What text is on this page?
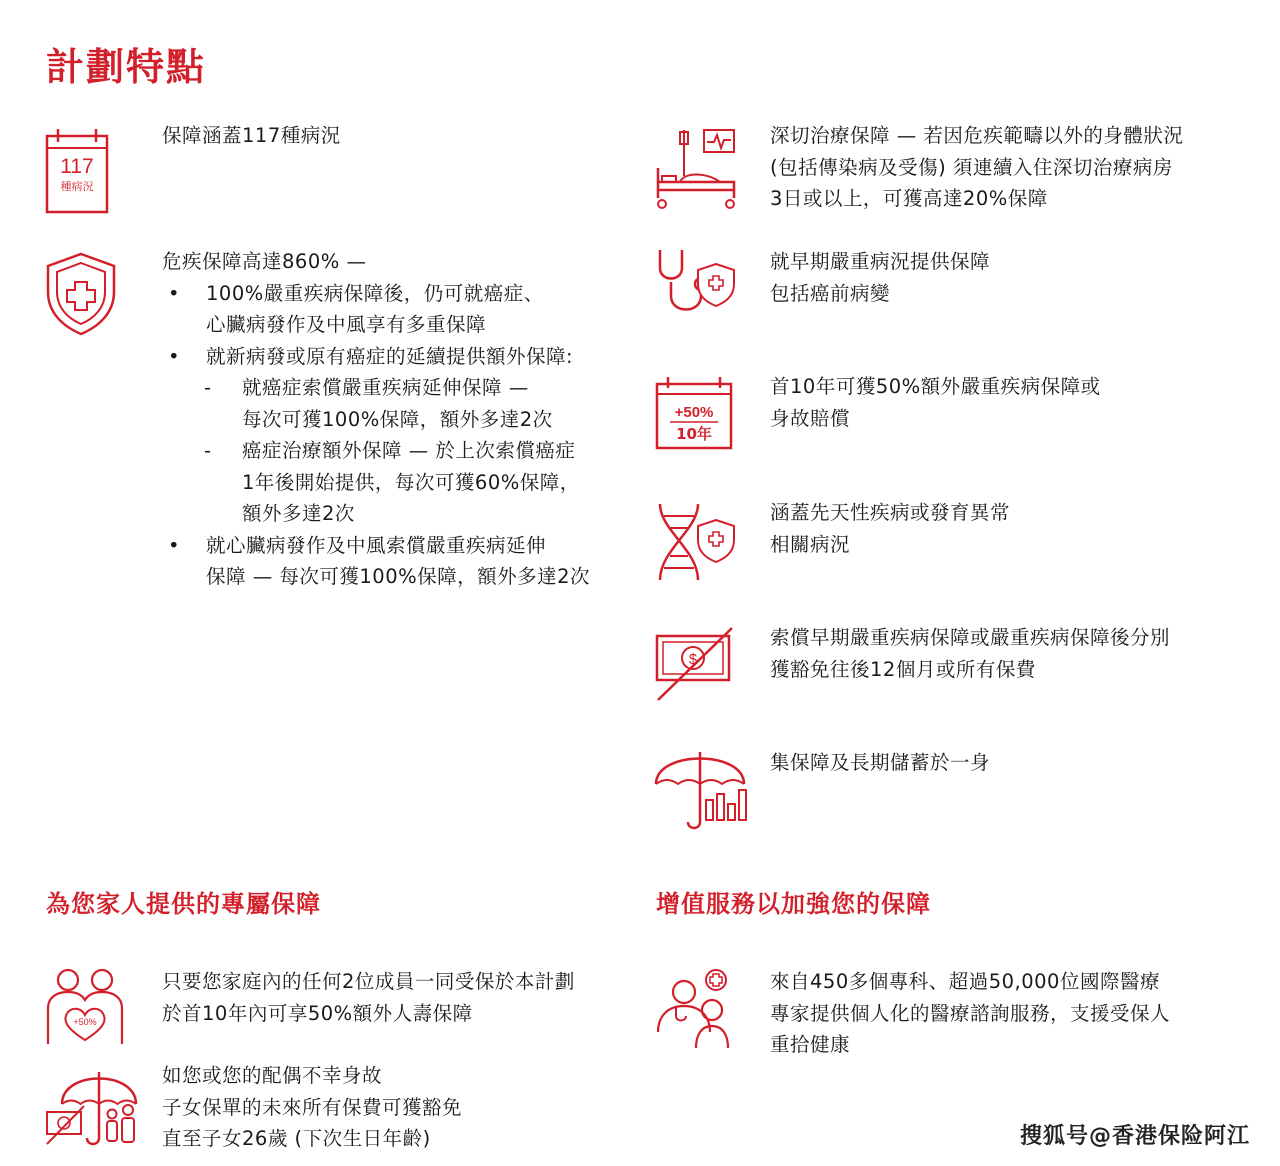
計劃特點
117
種病況
保障涵蓋117種病況
危疾保障高達860% —
• 100%嚴重疾病保障後，仍可就癌症、
心臟病發作及中風享有多重保障
• 就新病發或原有癌症的延續提供額外保障:
- 就癌症索償嚴重疾病延伸保障 —
每次可獲100%保障，額外多達2次
- 癌症治療額外保障 — 於上次索償癌症
1年後開始提供，每次可獲60%保障，
額外多達2次
• 就心臟病發作及中風索償嚴重疾病延伸
保障 — 每次可獲100%保障，額外多達2次
深切治療保障 — 若因危疾範疇以外的身體狀況
(包括傳染病及受傷) 須連續入住深切治療病房
3日或以上，可獲高達20%保障
就早期嚴重病況提供保障
包括癌前病變
+50%
10年
首10年可獲50%額外嚴重疾病保障或
身故賠償
涵蓋先天性疾病或發育異常
相關病況
$
索償早期嚴重疾病保障或嚴重疾病保障後分別
獲豁免往後12個月或所有保費
集保障及長期儲蓄於一身
為您家人提供的專屬保障
+50%
只要您家庭內的任何2位成員一同受保於本計劃
於首10年內可享50%額外人壽保障
如您或您的配偶不幸身故
子女保單的未來所有保費可獲豁免
直至子女26歲 (下次生日年齡)
增值服務以加強您的保障
來自450多個專科、超過50,000位國際醫療
專家提供個人化的醫療諮詢服務，支援受保人
重拾健康
搜狐号@香港保险阿江
